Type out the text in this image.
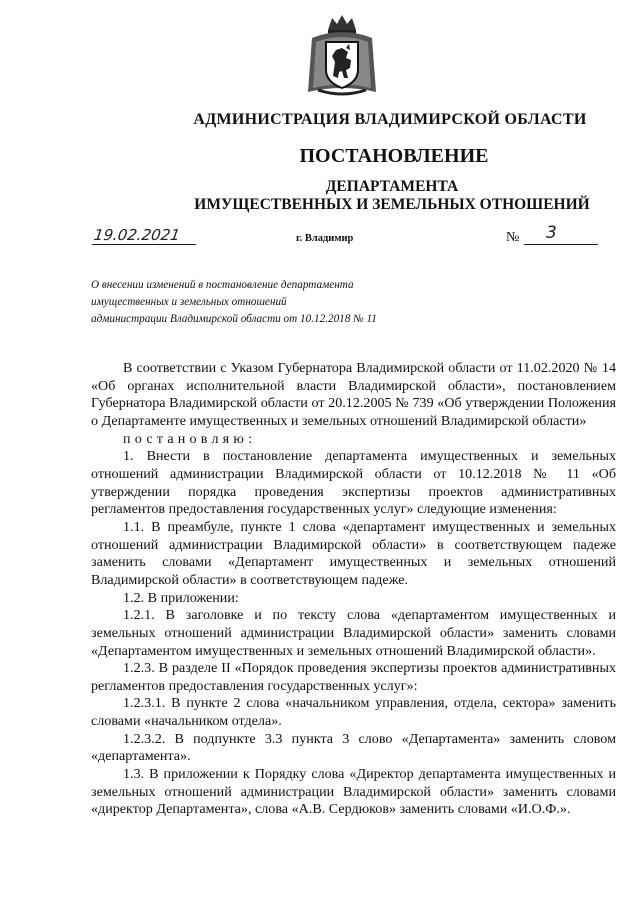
АДМИНИСТРАЦИЯ ВЛАДИМИРСКОЙ ОБЛАСТИ
ПОСТАНОВЛЕНИЕ
ДЕПАРТАМЕНТА
ИМУЩЕСТВЕННЫХ И ЗЕМЕЛЬНЫХ ОТНОШЕНИЙ
19.02.2021	г. Владимир	№ 3
О внесении изменений в постановление департамента
имущественных и земельных отношений
администрации Владимирской области от 10.12.2018 № 11

В соответствии с Указом Губернатора Владимирской области от 11.02.2020 № 14 «Об органах исполнительной власти Владимирской области», постановлением Губернатора Владимирской области от 20.12.2005 № 739 «Об утверждении Положения о Департаменте имущественных и земельных отношений Владимирской области»

постановляю:

1. Внести в постановление департамента имущественных и земельных отношений администрации Владимирской области от 10.12.2018 № 11 «Об утверждении порядка проведения экспертизы проектов административных регламентов предоставления государственных услуг» следующие изменения:

1.1. В преамбуле, пункте 1 слова «департамент имущественных и земельных отношений администрации Владимирской области» в соответствующем падеже заменить словами «Департамент имущественных и земельных отношений Владимирской области» в соответствующем падеже.

1.2. В приложении:

1.2.1. В заголовке и по тексту слова «департаментом имущественных и земельных отношений администрации Владимирской области» заменить словами «Департаментом имущественных и земельных отношений Владимирской области».

1.2.3. В разделе II «Порядок проведения экспертизы проектов административных регламентов предоставления государственных услуг»:

1.2.3.1. В пункте 2 слова «начальником управления, отдела, сектора» заменить словами «начальником отдела».

1.2.3.2. В подпункте 3.3 пункта 3 слово «Департамента» заменить словом «департамента».

1.3. В приложении к Порядку слова «Директор департамента имущественных и земельных отношений администрации Владимирской области» заменить словами «директор Департамента», слова «А.В. Сердюков» заменить словами «И.О.Ф.».
